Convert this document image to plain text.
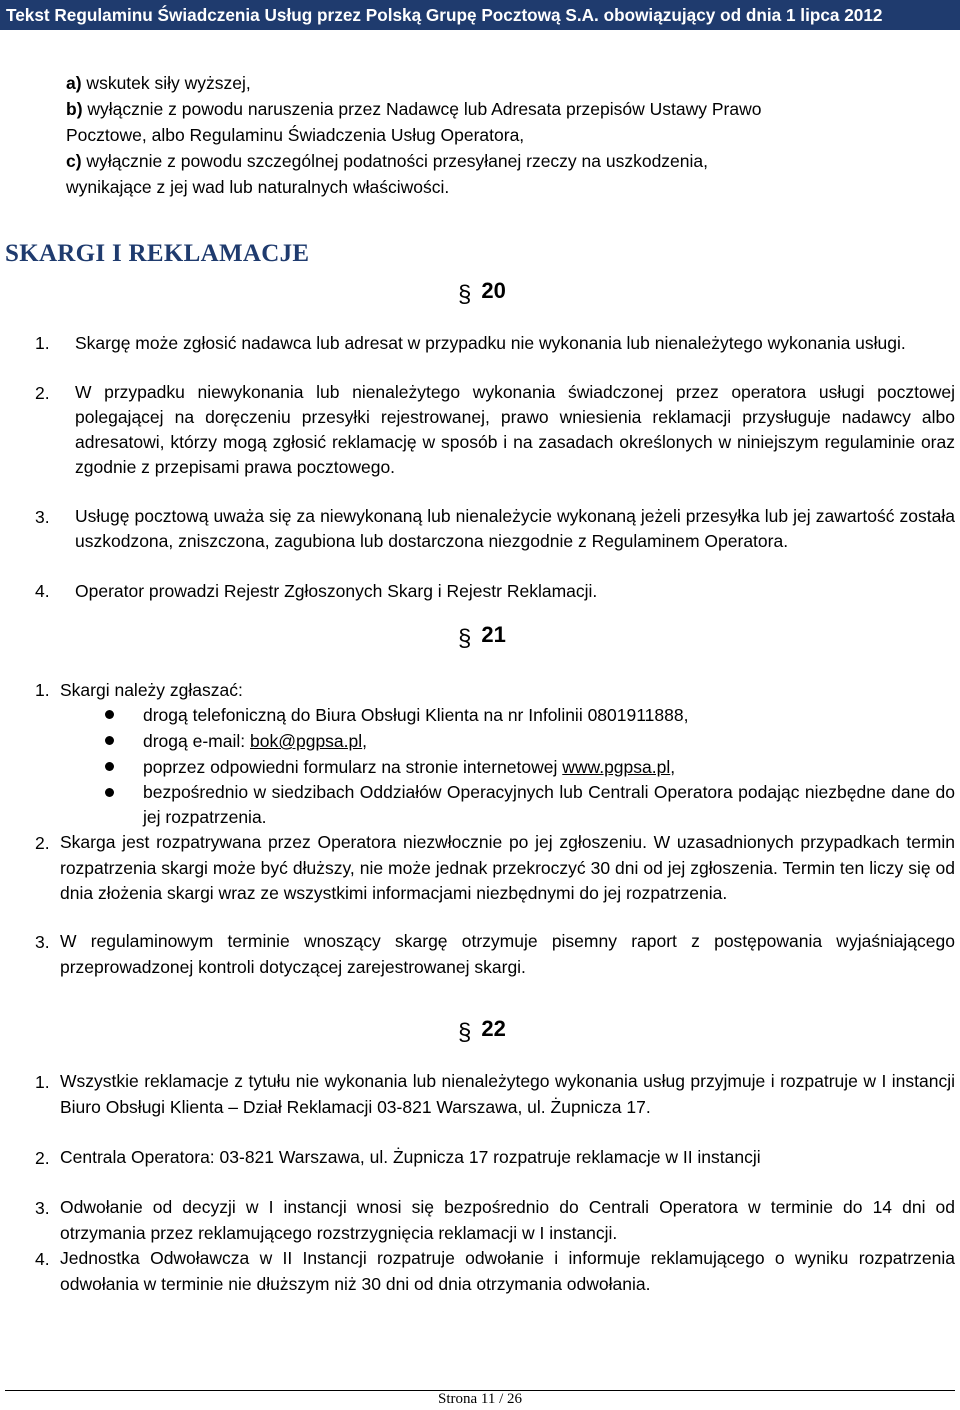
Tekst Regulaminu Świadczenia Usług przez Polską Grupę Pocztową S.A. obowiązujący od dnia 1 lipca 2012
a) wskutek siły wyższej,
b) wyłącznie z powodu naruszenia przez Nadawcę lub Adresata przepisów Ustawy Prawo
Pocztowe, albo Regulaminu Świadczenia Usług Operatora,
c) wyłącznie z powodu szczególnej podatności przesyłanej rzeczy na uszkodzenia,
wynikające z jej wad lub naturalnych właściwości.
SKARGI I REKLAMACJE
§ 20
1. Skargę może zgłosić nadawca lub adresat w przypadku nie wykonania lub nienależytego wykonania usługi.
2. W przypadku niewykonania lub nienależytego wykonania świadczonej przez operatora usługi pocztowej polegającej na doręczeniu przesyłki rejestrowanej, prawo wniesienia reklamacji przysługuje nadawcy albo adresatowi, którzy mogą zgłosić reklamację w sposób i na zasadach określonych w niniejszym regulaminie oraz zgodnie z przepisami prawa pocztowego.
3. Usługę pocztową uważa się za niewykonaną lub nienależycie wykonaną jeżeli przesyłka lub jej zawartość została uszkodzona, zniszczona, zagubiona lub dostarczona niezgodnie z Regulaminem Operatora.
4. Operator prowadzi Rejestr Zgłoszonych Skarg i Rejestr Reklamacji.
§ 21
1. Skargi należy zgłaszać:
drogą telefoniczną do Biura Obsługi Klienta na nr Infolinii 0801911888,
drogą e-mail: bok@pgpsa.pl,
poprzez odpowiedni formularz na stronie internetowej www.pgpsa.pl,
bezpośrednio w siedzibach Oddziałów Operacyjnych lub Centrali Operatora podając niezbędne dane do jej rozpatrzenia.
2. Skarga jest rozpatrywana przez Operatora niezwłocznie po jej zgłoszeniu. W uzasadnionych przypadkach termin rozpatrzenia skargi może być dłuższy, nie może jednak przekroczyć 30 dni od jej zgłoszenia. Termin ten liczy się od dnia złożenia skargi wraz ze wszystkimi informacjami niezbędnymi do jej rozpatrzenia.
3. W regulaminowym terminie wnoszący skargę otrzymuje pisemny raport z postępowania wyjaśniającego przeprowadzonej kontroli dotyczącej zarejestrowanej skargi.
§ 22
1. Wszystkie reklamacje z tytułu nie wykonania lub nienależytego wykonania usług przyjmuje i rozpatruje w I instancji Biuro Obsługi Klienta – Dział Reklamacji 03-821 Warszawa, ul. Żupnicza 17.
2. Centrala Operatora: 03-821 Warszawa, ul. Żupnicza 17 rozpatruje reklamacje w II instancji
3. Odwołanie od decyzji w I instancji wnosi się bezpośrednio do Centrali Operatora w terminie do 14 dni od otrzymania przez reklamującego rozstrzygnięcia reklamacji w I instancji.
4. Jednostka Odwoławcza w II Instancji rozpatruje odwołanie i informuje reklamującego o wyniku rozpatrzenia odwołania w terminie nie dłuższym niż 30 dni od dnia otrzymania odwołania.
Strona 11 / 26
